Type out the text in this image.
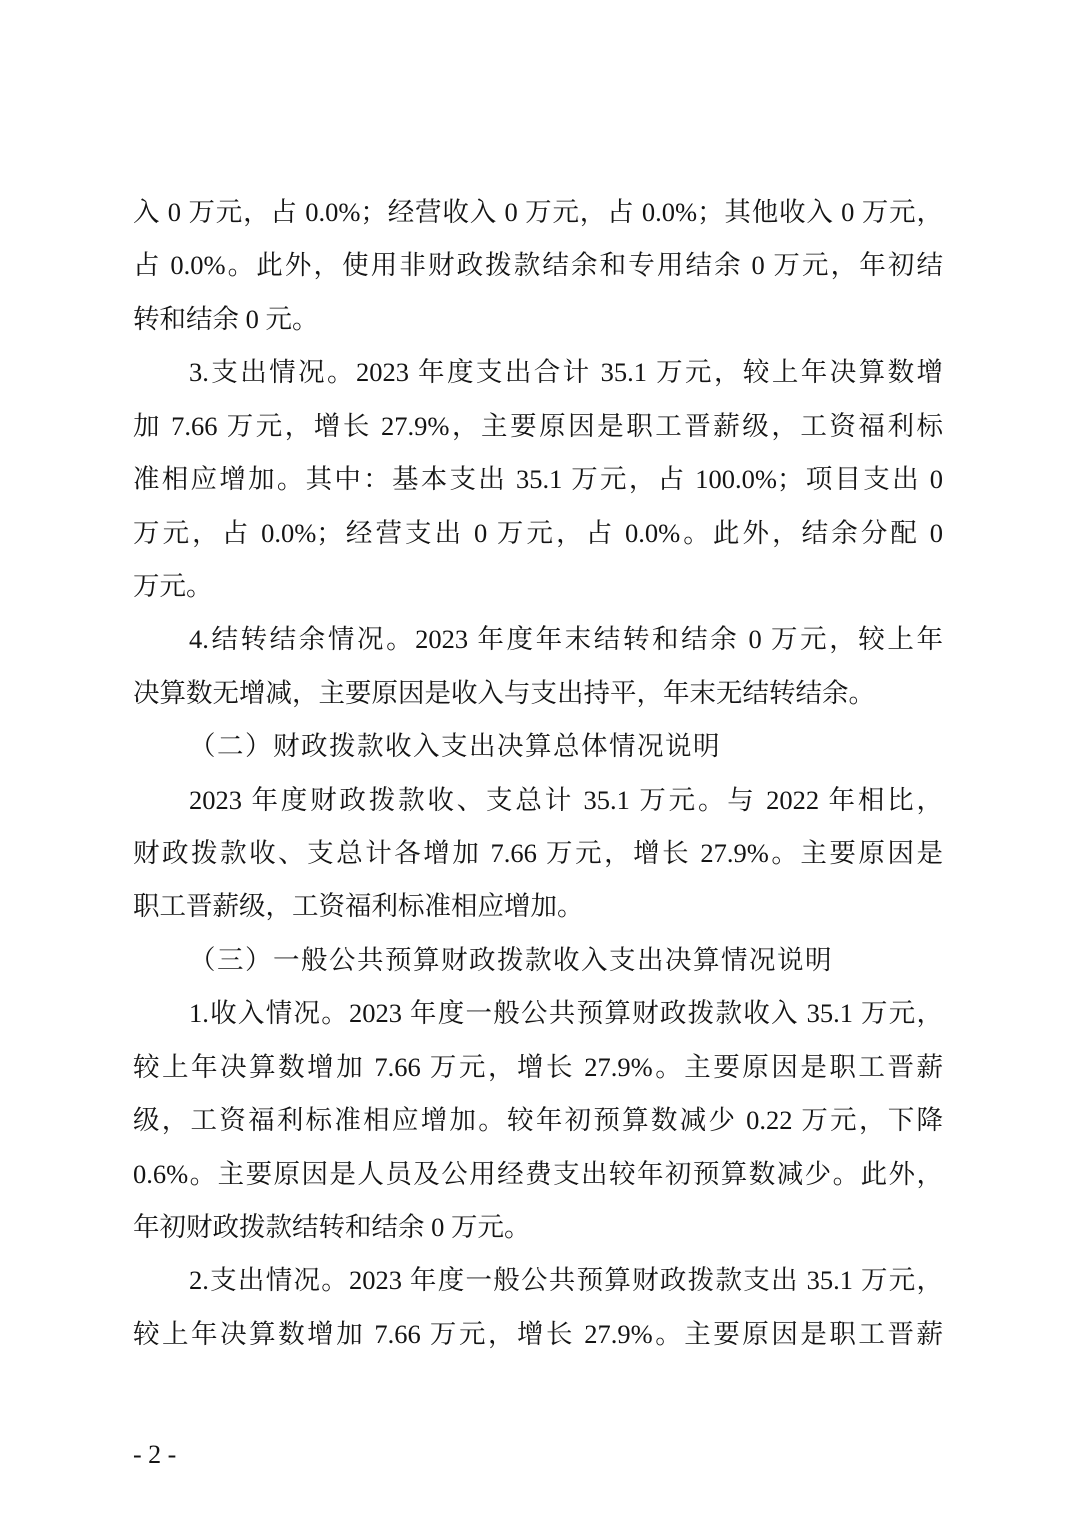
入 0 万元，占 0.0%；经营收入 0 万元，占 0.0%；其他收入 0 万元，
占 0.0%。此外，使用非财政拨款结余和专用结余 0 万元，年初结
转和结余 0 元。
3.支出情况。2023 年度支出合计 35.1 万元，较上年决算数增
加 7.66 万元，增长 27.9%，主要原因是职工晋薪级，工资福利标
准相应增加。其中：基本支出 35.1 万元，占 100.0%；项目支出 0
万元，占 0.0%；经营支出 0 万元，占 0.0%。此外，结余分配 0
万元。
4.结转结余情况。2023 年度年末结转和结余 0 万元，较上年
决算数无增减，主要原因是收入与支出持平，年末无结转结余。
（二）财政拨款收入支出决算总体情况说明
2023 年度财政拨款收、支总计 35.1 万元。与 2022 年相比，
财政拨款收、支总计各增加 7.66 万元，增长 27.9%。主要原因是
职工晋薪级，工资福利标准相应增加。
（三）一般公共预算财政拨款收入支出决算情况说明
1.收入情况。2023 年度一般公共预算财政拨款收入 35.1 万元，
较上年决算数增加 7.66 万元，增长 27.9%。主要原因是职工晋薪
级，工资福利标准相应增加。较年初预算数减少 0.22 万元，下降
0.6%。主要原因是人员及公用经费支出较年初预算数减少。此外，
年初财政拨款结转和结余 0 万元。
2.支出情况。2023 年度一般公共预算财政拨款支出 35.1 万元，
较上年决算数增加 7.66 万元，增长 27.9%。主要原因是职工晋薪
- 2 -
